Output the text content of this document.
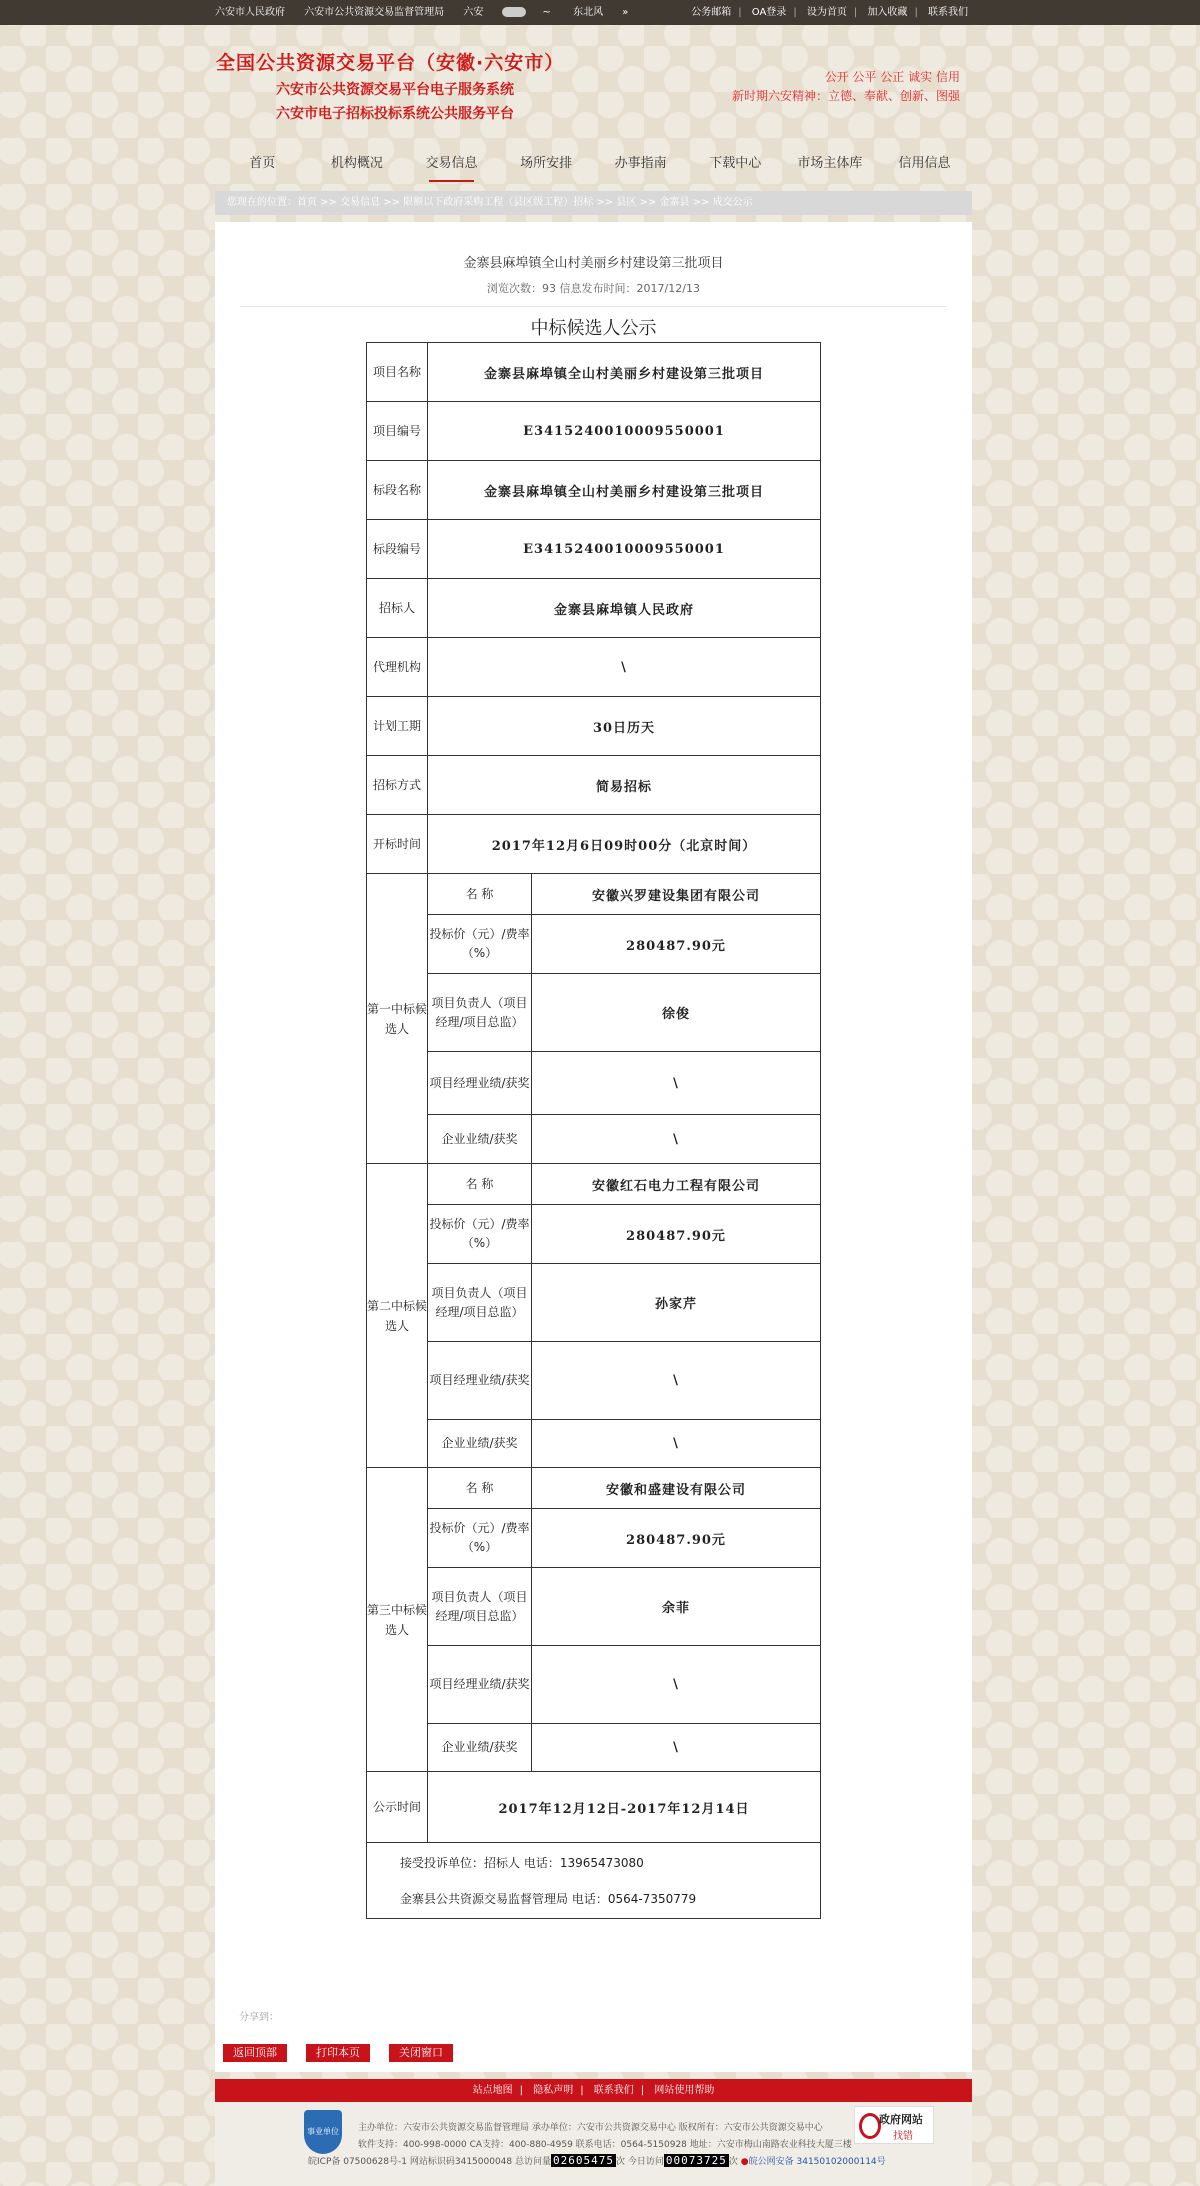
六安市人民政府 六安市公共资源交易监督管理局 六安	~ 东北风 »	公务邮箱 | OA登录 | 设为首页 | 加入收藏 | 联系我们
全国公共资源交易平台（安徽·六安市）
六安市公共资源交易平台电子服务系统
六安市电子招标投标系统公共服务平台
公开 公平 公正 诚实 信用
新时期六安精神：立德、奉献、创新、图强
首页	机构概况	交易信息	场所安排	办事指南	下载中心	市场主体库	信用信息
您现在的位置：首页 >> 交易信息 >> 限额以下政府采购工程（县区级工程）招标 >> 县区 >> 金寨县 >> 成交公示
金寨县麻埠镇全山村美丽乡村建设第三批项目
浏览次数：93 信息发布时间：2017/12/13
中标候选人公示
项目名称	金寨县麻埠镇全山村美丽乡村建设第三批项目	
项目编号	E3415240010009550001	
标段名称	金寨县麻埠镇全山村美丽乡村建设第三批项目	
标段编号	E3415240010009550001	
招标人	金寨县麻埠镇人民政府	
代理机构	\	
计划工期	30日历天	
招标方式	简易招标	
开标时间	2017年12月6日09时00分（北京时间）	
第一中标候选人	名 称	安徽兴罗建设集团有限公司
	投标价（元）/费率（%）	280487.90元
	项目负责人（项目经理/项目总监）	徐俊
	项目经理业绩/获奖	\
	企业业绩/获奖	\
第二中标候选人	名 称	安徽红石电力工程有限公司
	投标价（元）/费率（%）	280487.90元
	项目负责人（项目经理/项目总监）	孙家芹
	项目经理业绩/获奖	\
	企业业绩/获奖	\
第三中标候选人	名 称	安徽和盛建设有限公司
	投标价（元）/费率（%）	280487.90元
	项目负责人（项目经理/项目总监）	余菲
	项目经理业绩/获奖	\
	企业业绩/获奖	\
公示时间	2017年12月12日-2017年12月14日	

接受投诉单位：招标人 电话：13965473080
金寨县公共资源交易监督管理局 电话：0564-7350779		
分享到：
返回顶部	打印本页	关闭窗口
站点地图 | 隐私声明 | 联系我们 | 网站使用帮助
事业单位	主办单位：六安市公共资源交易监督管理局 承办单位：六安市公共资源交易中心 版权所有：六安市公共资源交易中心
软件支持：400-998-0000 CA支持：400-880-4959 联系电话：0564-5150928 地址：六安市梅山南路农业科技大厦三楼
皖ICP备 07500628号-1 网站标识码3415000048 总访问量 02605475 次 今日访问 00073725 次 ●皖公网安备 34150102000114号
政府网站
找错
